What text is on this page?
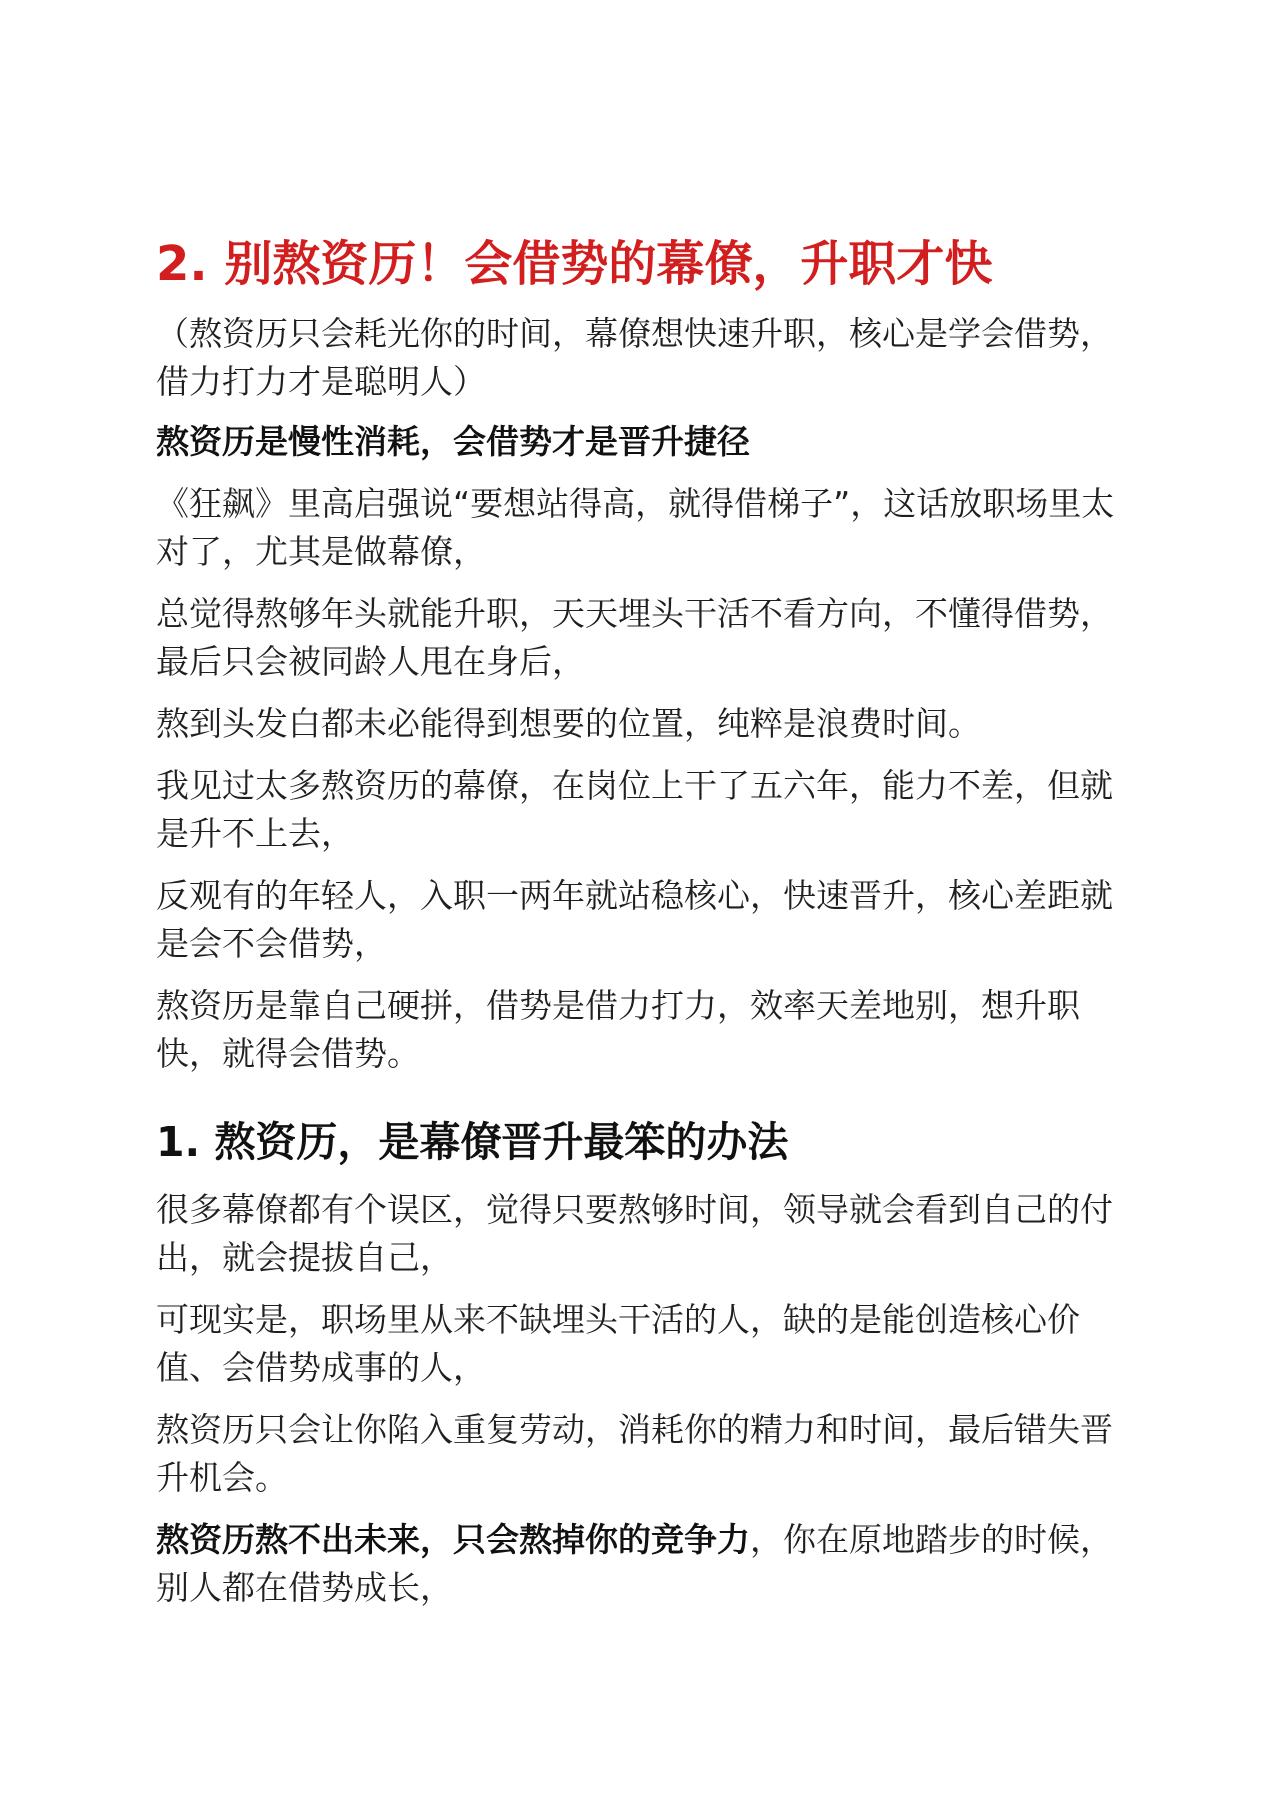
2. 别熬资历！会借势的幕僚，升职才快

（熬资历只会耗光你的时间，幕僚想快速升职，核心是学会借势，借力打力才是聪明人）

熬资历是慢性消耗，会借势才是晋升捷径

《狂飙》里高启强说“要想站得高，就得借梯子”，这话放职场里太对了，尤其是做幕僚，

总觉得熬够年头就能升职，天天埋头干活不看方向，不懂得借势，最后只会被同龄人甩在身后，

熬到头发白都未必能得到想要的位置，纯粹是浪费时间。

我见过太多熬资历的幕僚，在岗位上干了五六年，能力不差，但就是升不上去，

反观有的年轻人，入职一两年就站稳核心，快速晋升，核心差距就是会不会借势，

熬资历是靠自己硬拼，借势是借力打力，效率天差地别，想升职快，就得会借势。

1. 熬资历，是幕僚晋升最笨的办法

很多幕僚都有个误区，觉得只要熬够时间，领导就会看到自己的付出，就会提拔自己，

可现实是，职场里从来不缺埋头干活的人，缺的是能创造核心价值、会借势成事的人，

熬资历只会让你陷入重复劳动，消耗你的精力和时间，最后错失晋升机会。

熬资历熬不出未来，只会熬掉你的竞争力，你在原地踏步的时候，别人都在借势成长，
